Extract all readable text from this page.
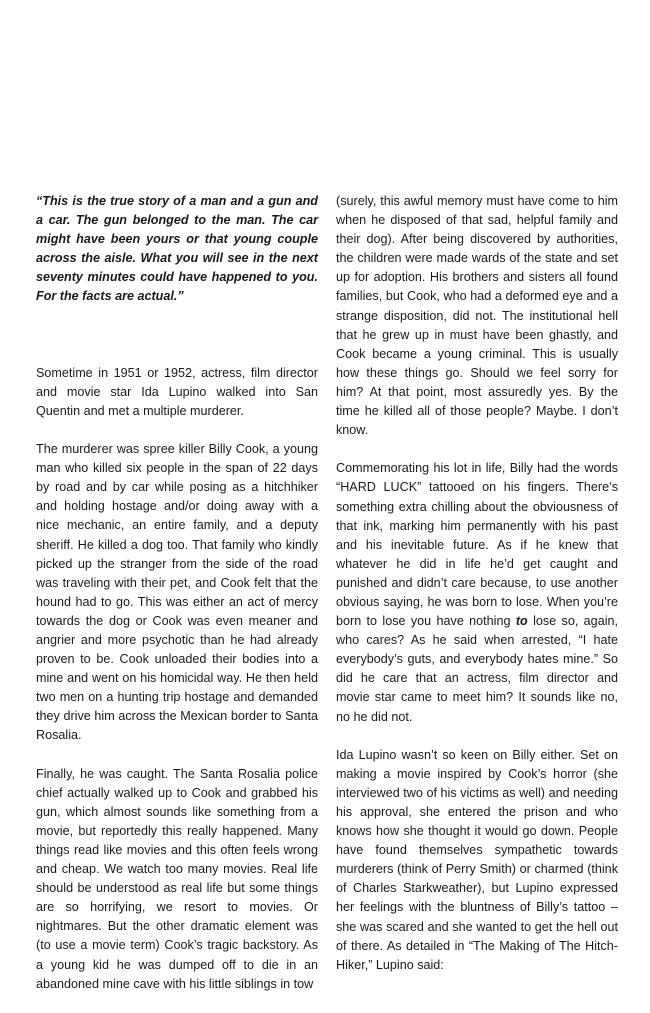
“This is the true story of a man and a gun and a car. The gun belonged to the man. The car might have been yours or that young couple across the aisle. What you will see in the next seventy minutes could have happened to you. For the facts are actual.”

Sometime in 1951 or 1952, actress, film director and movie star Ida Lupino walked into San Quentin and met a multiple murderer.

The murderer was spree killer Billy Cook, a young man who killed six people in the span of 22 days by road and by car while posing as a hitchhiker and holding hostage and/or doing away with a nice mechanic, an entire family, and a deputy sheriff. He killed a dog too. That family who kindly picked up the stranger from the side of the road was traveling with their pet, and Cook felt that the hound had to go. This was either an act of mercy towards the dog or Cook was even meaner and angrier and more psychotic than he had already proven to be. Cook unloaded their bodies into a mine and went on his homicidal way. He then held two men on a hunting trip hostage and demanded they drive him across the Mexican border to Santa Rosalia.

Finally, he was caught. The Santa Rosalia police chief actually walked up to Cook and grabbed his gun, which almost sounds like something from a movie, but reportedly this really happened. Many things read like movies and this often feels wrong and cheap. We watch too many movies. Real life should be understood as real life but some things are so horrifying, we resort to movies. Or nightmares. But the other dramatic element was (to use a movie term) Cook’s tragic backstory. As a young kid he was dumped off to die in an abandoned mine cave with his little siblings in tow

(surely, this awful memory must have come to him when he disposed of that sad, helpful family and their dog). After being discovered by authorities, the children were made wards of the state and set up for adoption. His brothers and sisters all found families, but Cook, who had a deformed eye and a strange disposition, did not. The institutional hell that he grew up in must have been ghastly, and Cook became a young criminal. This is usually how these things go. Should we feel sorry for him? At that point, most assuredly yes. By the time he killed all of those people? Maybe. I don’t know.

Commemorating his lot in life, Billy had the words “HARD LUCK” tattooed on his fingers. There’s something extra chilling about the obviousness of that ink, marking him permanently with his past and his inevitable future. As if he knew that whatever he did in life he’d get caught and punished and didn’t care because, to use another obvious saying, he was born to lose. When you’re born to lose you have nothing to lose so, again, who cares? As he said when arrested, “I hate everybody’s guts, and everybody hates mine.” So did he care that an actress, film director and movie star came to meet him? It sounds like no, no he did not.

Ida Lupino wasn’t so keen on Billy either. Set on making a movie inspired by Cook’s horror (she interviewed two of his victims as well) and needing his approval, she entered the prison and who knows how she thought it would go down. People have found themselves sympathetic towards murderers (think of Perry Smith) or charmed (think of Charles Starkweather), but Lupino expressed her feelings with the bluntness of Billy’s tattoo – she was scared and she wanted to get the hell out of there. As detailed in “The Making of The Hitch-Hiker,” Lupino said:
